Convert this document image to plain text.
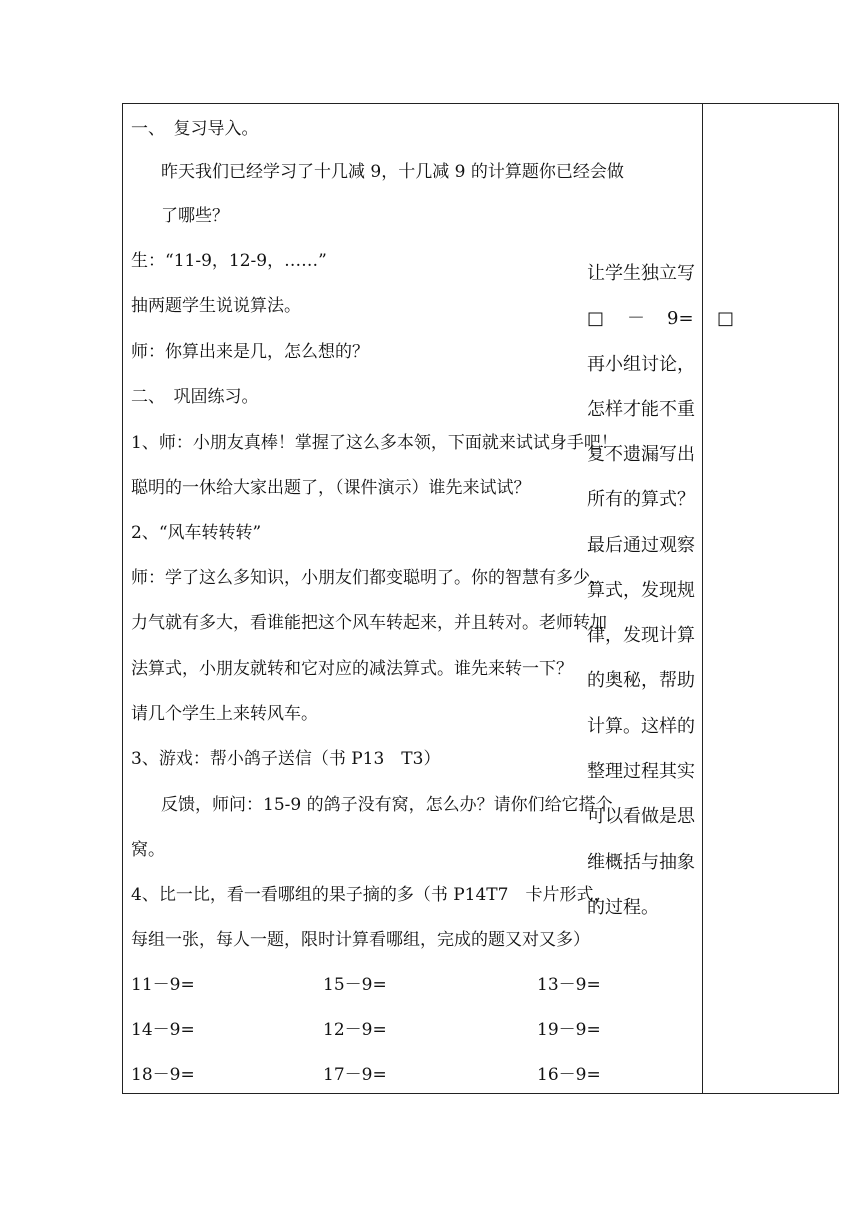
一、　复习导入。
昨天我们已经学习了十几减 9，十几减 9 的计算题你已经会做
了哪些？
生：“11-9，12-9，……”
抽两题学生说说算法。
师：你算出来是几，怎么想的？
二、　巩固练习。
1、师：小朋友真棒！掌握了这么多本领，下面就来试试身手吧！
聪明的一休给大家出题了，（课件演示）谁先来试试？
2、“风车转转转”
师：学了这么多知识，小朋友们都变聪明了。你的智慧有多少，
力气就有多大，看谁能把这个风车转起来，并且转对。老师转加
法算式，小朋友就转和它对应的减法算式。谁先来转一下？
请几个学生上来转风车。
3、游戏：帮小鸽子送信（书 P13　T3）
反馈，师问：15-9 的鸽子没有窝，怎么办？请你们给它搭个
窝。
4、比一比，看一看哪组的果子摘的多（书 P14T7　卡片形式，
每组一张，每人一题，限时计算看哪组，完成的题又对又多）
11－9=	15－9=	13－9=
14－9=	12－9=	19－9=
18－9=	17－9=	16－9=
让学生独立写
□ － 9= □
再小组讨论，
怎样才能不重
复不遗漏写出
所有的算式？
最后通过观察
算式，发现规
律，发现计算
的奥秘，帮助
计算。这样的
整理过程其实
可以看做是思
维概括与抽象
的过程。
